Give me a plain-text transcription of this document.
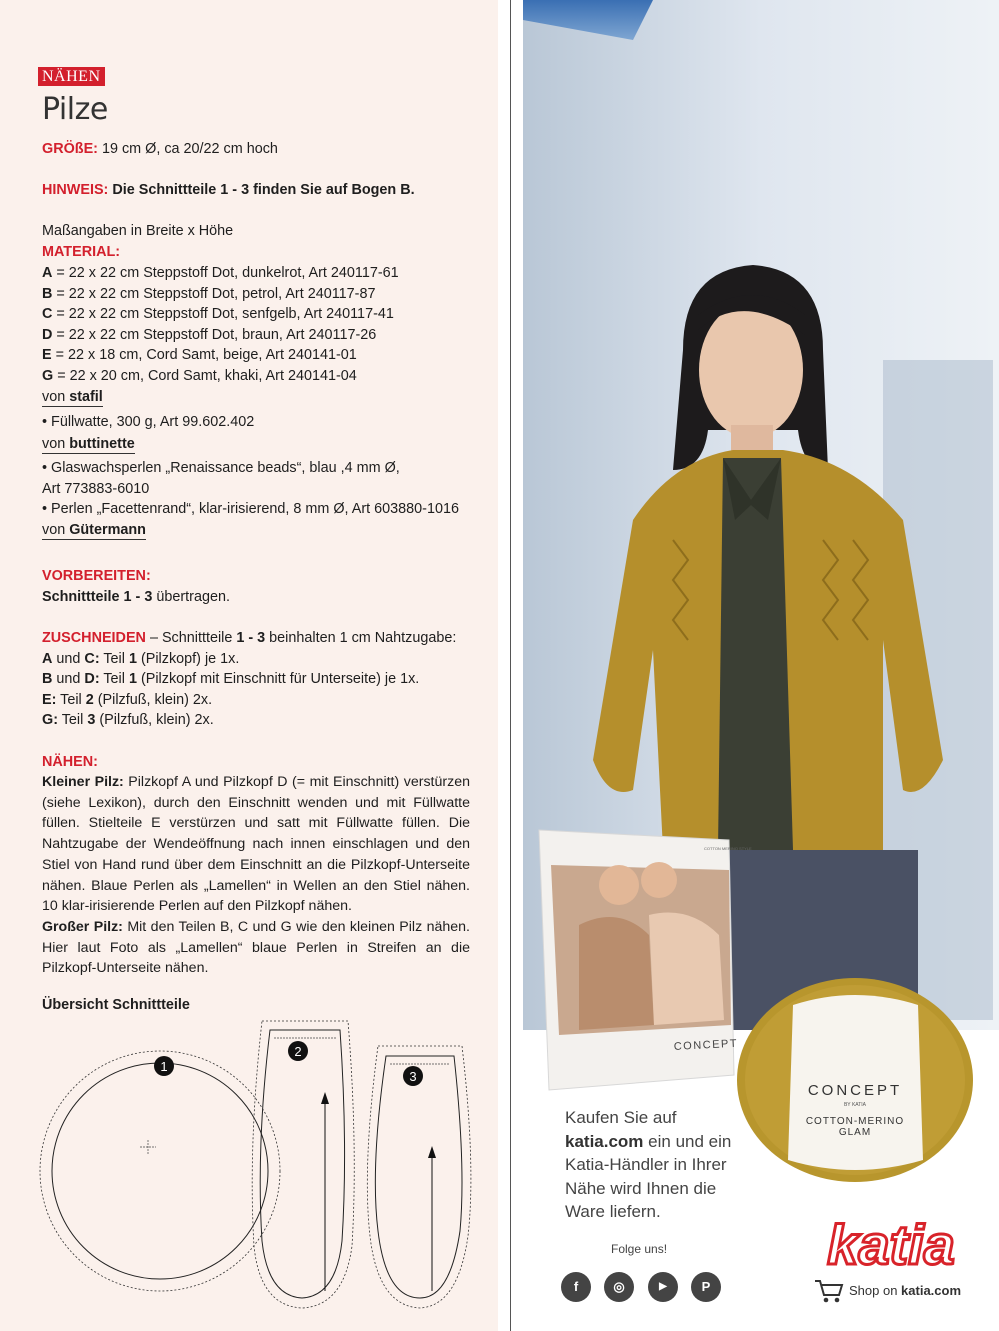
NÄHEN
Pilze
GRÖßE: 19 cm Ø, ca 20/22 cm hoch
HINWEIS: Die Schnittteile 1 - 3 finden Sie auf Bogen B.
Maßangaben in Breite x Höhe
MATERIAL:
A = 22 x 22 cm Steppstoff Dot, dunkelrot, Art 240117-61
B = 22 x 22 cm Steppstoff Dot, petrol, Art 240117-87
C = 22 x 22 cm Steppstoff Dot, senfgelb, Art 240117-41
D = 22 x 22 cm Steppstoff Dot, braun, Art 240117-26
E = 22 x 18 cm, Cord Samt, beige, Art 240141-01
G = 22 x 20 cm, Cord Samt, khaki, Art 240141-04
von stafil
• Füllwatte, 300 g, Art 99.602.402
von buttinette
• Glaswachsperlen „Renaissance beads“, blau ,4 mm Ø,
Art 773883-6010
• Perlen „Facettenrand“, klar-irisierend, 8 mm Ø, Art 603880-1016
von Gütermann
VORBEREITEN:
Schnittteile 1 - 3 übertragen.
ZUSCHNEIDEN – Schnittteile 1 - 3 beinhalten 1 cm Nahtzugabe:
A und C: Teil 1 (Pilzkopf) je 1x.
B und D: Teil 1 (Pilzkopf mit Einschnitt für Unterseite) je 1x.
E: Teil 2 (Pilzfuß, klein) 2x.
G: Teil 3 (Pilzfuß, klein) 2x.
NÄHEN:
Kleiner Pilz: Pilzkopf A und Pilzkopf D (= mit Einschnitt) verstürzen (siehe Lexikon), durch den Einschnitt wenden und mit Füllwatte füllen. Stielteile E verstürzen und satt mit Füllwatte füllen. Die Nahtzugabe der Wendeöffnung nach innen einschlagen und den Stiel von Hand rund über dem Einschnitt an die Pilzkopf-Unterseite nähen. Blaue Perlen als „Lamellen“ in Wellen an den Stiel nähen. 10 klar-irisierende Perlen auf den Pilzkopf nähen.
Großer Pilz: Mit den Teilen B, C und G wie den kleinen Pilz nähen. Hier laut Foto als „Lamellen“ blaue Perlen in Streifen an die Pilzkopf-Unterseite nähen.
Übersicht Schnittteile
1
2
3
CONCEPT
COTTON MERINO STYLE
CONCEPT
BY KATIA
COTTON-MERINO
GLAM
Kaufen Sie auf
katia.com ein und ein
Katia-Händler in Ihrer
Nähe wird Ihnen die
Ware liefern.
Folge uns!
f	◎	▶	P
katia
Shop on katia.com
